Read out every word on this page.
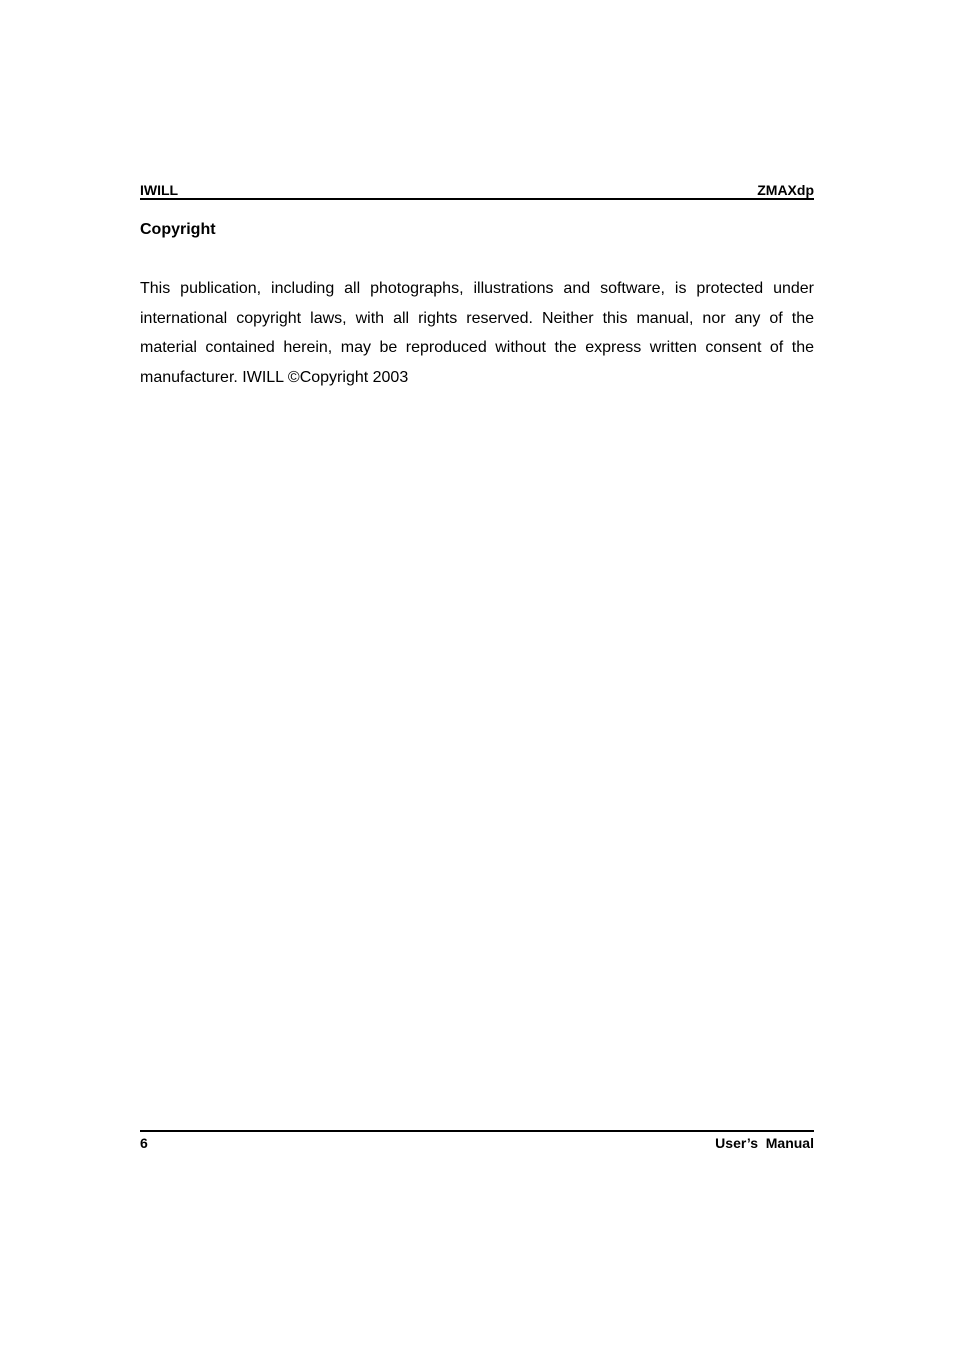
IWILL	ZMAXdp
Copyright

This publication, including all photographs, illustrations and software, is protected under international copyright laws, with all rights reserved. Neither this manual, nor any of the material contained herein, may be reproduced without the express written consent of the manufacturer. IWILL ©Copyright 2003

6	User’s  Manual
